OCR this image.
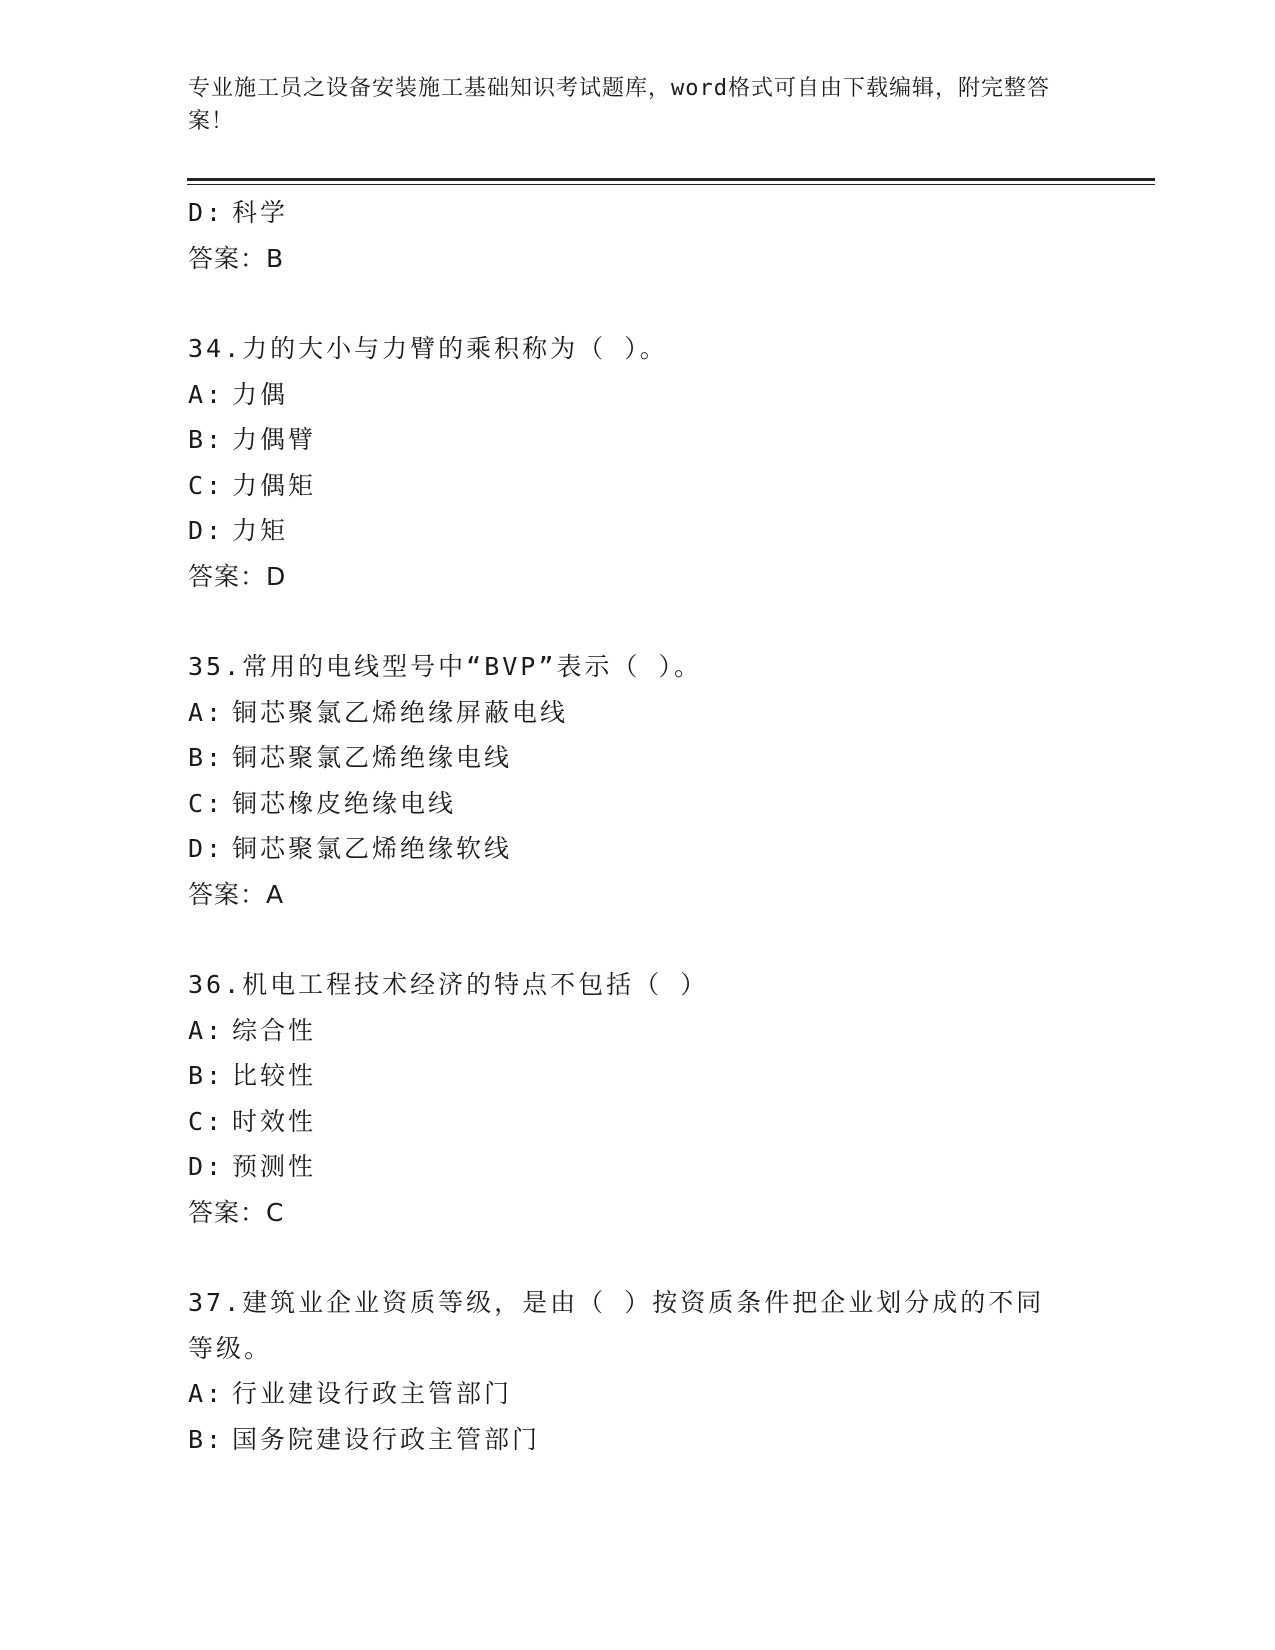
专业施工员之设备安装施工基础知识考试题库，word格式可自由下载编辑，附完整答案！
D: 科学
答案：B
34.力的大小与力臂的乘积称为（ ）。
A: 力偶
B: 力偶臂
C: 力偶矩
D: 力矩
答案：D
35.常用的电线型号中“BVP”表示（ ）。
A: 铜芯聚氯乙烯绝缘屏蔽电线
B: 铜芯聚氯乙烯绝缘电线
C: 铜芯橡皮绝缘电线
D: 铜芯聚氯乙烯绝缘软线
答案：A
36.机电工程技术经济的特点不包括（ ）
A: 综合性
B: 比较性
C: 时效性
D: 预测性
答案：C
37.建筑业企业资质等级，是由（ ）按资质条件把企业划分成的不同等级。
A: 行业建设行政主管部门
B: 国务院建设行政主管部门
